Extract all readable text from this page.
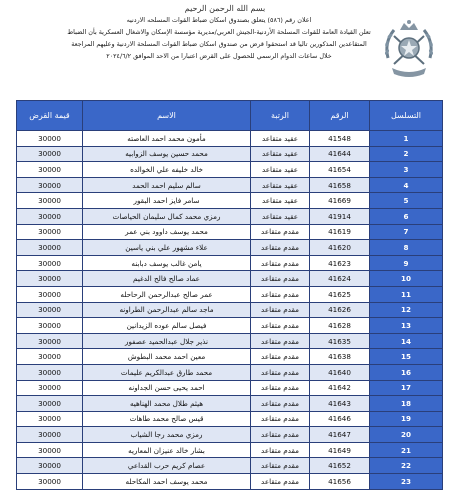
بسم الله الرحمن الرحيم
اعلان رقم (٥٨٦) يتعلق بصندوق اسكان ضباط القوات المسلحه الاردنيه
تعلن القيادة العامة للقوات المسلحة الأردنية-الجيش العربي/مديرية مؤسسة الإسكان والاشغال العسكرية بأن الضباط
المتقاعدين المذكورين تاليا قد استحقوا قرض من صندوق اسكان ضباط القوات المسلحة الاردنية وعليهم المراجعة
خلال ساعات الدوام الرسمي للحصول على القرض اعتبارا من الاحد الموافق ٢٠٢٤/٦/٢
التسلسل	الرقم	الرتبة	الاسم	قيمة القرض
1	41548	عقيد متقاعد	مأمون محمد احمد العاصته	30000
2	41644	عقيد متقاعد	محمد حسين يوسف الزوابيه	30000
3	41654	عقيد متقاعد	خالد خليفه علي الخوالده	30000
4	41658	عقيد متقاعد	سالم سليم احمد الحمد	30000
5	41669	عقيد متقاعد	سامر فايز احمد البقور	30000
6	41914	عقيد متقاعد	رمزي محمد كمال سليمان الحياصات	30000
7	41619	مقدم متقاعد	محمد يوسف داوود بني عمر	30000
8	41620	مقدم متقاعد	علاء مشهور علي بني ياسين	30000
9	41623	مقدم متقاعد	يامن غالب يوسف دبابنه	30000
10	41624	مقدم متقاعد	عماد صالح فالح الدغيم	30000
11	41625	مقدم متقاعد	عمر صالح عبدالرحمن الرحاحله	30000
12	41626	مقدم متقاعد	ماجد سالم عبدالرحمن الطراونه	30000
13	41628	مقدم متقاعد	فيصل سالم عوده الزيدانين	30000
14	41635	مقدم متقاعد	نذير جلال عبدالحميد عصفور	30000
15	41638	مقدم متقاعد	معين احمد محمد البطوش	30000
16	41640	مقدم متقاعد	محمد طارق عبدالكريم عليمات	30000
17	41642	مقدم متقاعد	احمد يحيى حسن الجداونه	30000
18	41643	مقدم متقاعد	هيثم طلال محمد الهناهيه	30000
19	41646	مقدم متقاعد	قيس صالح محمد طاهات	30000
20	41647	مقدم متقاعد	رمزي محمد رجا الشياب	30000
21	41649	مقدم متقاعد	بشار خالد عنيزان المعاريه	30000
22	41652	مقدم متقاعد	عصام كريم حرب القداعي	30000
23	41656	مقدم متقاعد	محمد يوسف احمد المكاحله	30000
